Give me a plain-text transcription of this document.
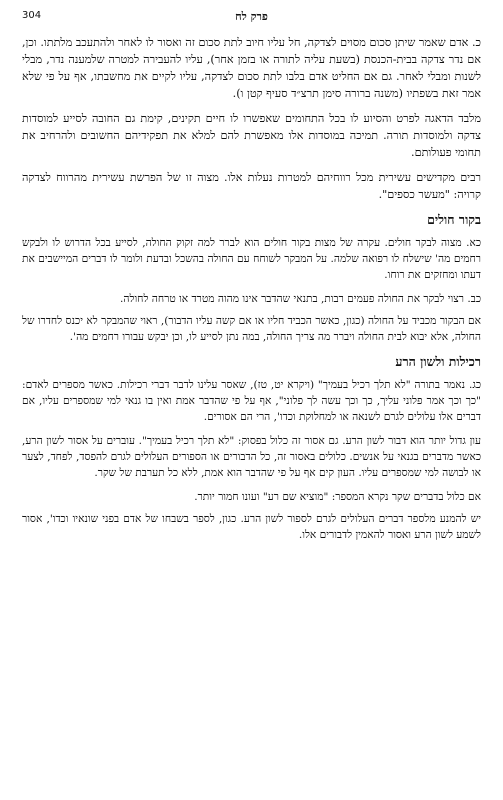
304	פרק לח

כ. אדם שאמר שיתן סכום מסוים לצדקה, חל עליו חיוב לתת סכום זה ואסור לו לאחר ולהתעכב מלתתו. וכן, אם נדר צדקה בבית-הכנסת (בשעת עליה לתורה או בזמן אחר), עליו להעבירה למטרה שלמענה נדר, מבלי לשנות ומבלי לאחר. גם אם החליט אדם בלבו לתת סכום לצדקה, עליו לקיים את מחשבתו, אף על פי שלא אמר זאת בשפתיו (משנה ברורה סימן תרצ״ד סעיף קטן ו).

מלבד הדאגה לפרט והסיוע לו בכל התחומים שאפשרו לו חיים תקינים, קימת גם החובה לסייע למוסדות צדקה ולמוסדות תורה. תמיכה במוסדות אלו מאפשרת להם למלא את תפקידיהם החשובים ולהרחיב את תחומי פעולותם.

רבים מקדישים עשירית מכל רווחיהם למטרות נעלות אלו. מצוה זו של הפרשת עשירית מהרווח לצדקה קרויה: "מעשר כספים".

בקור חולים

כא. מצוה לבקר חולים. עקרה של מצות בקור חולים הוא לברר למה זקוק החולה, לסייע בכל הדרוש לו ולבקש רחמים מה' שישלח לו רפואה שלמה. על המבקר לשוחח עם החולה בהשכל ובדעת ולומר לו דברים המיישבים את דעתו ומחזקים את רוחו.

כב. רצוי לבקר את החולה פעמים רבות, בתנאי שהדבר אינו מהוה מטרד או טרחה לחולה.

אם הבקור מכביד על החולה (כגון, כאשר הכביד חליו או אם קשה עליו הדבור), ראוי שהמבקר לא יכנס לחדרו של החולה, אלא יבוא לבית החולה ויברר מה צריך החולה, במה נתן לסייע לו, וכן יבקש עבורו רחמים מה'.

רכילות ולשון הרע

כג. נאמר בתורה "לא תלך רכיל בעמיך" (ויקרא יט, טז), שאסר עלינו לדבר דברי רכילות. כאשר מספרים לאדם: "כך וכך אמר פלוני עליך, כך וכך עשה לך פלוני", אף על פי שהדבר אמת ואין בו גנאי למי שמספרים עליו, אם דברים אלו עלולים לגרם לשנאה או למחלוקת וכדו', הרי הם אסורים.

עון גדול יותר הוא דבור לשון הרע. גם אסור זה כלול בפסוק: "לא תלך רכיל בעמיך". עוברים על אסור לשון הרע, כאשר מדברים בגנאי על אנשים. כלולים באסור זה, כל הדבורים או הספורים העלולים לגרם להפסד, לפחד, לצער או לבושה למי שמספרים עליו. העון קים אף על פי שהדבר הוא אמת, ללא כל תערבת של שקר.

אם כלול בדברים שקר נקרא המספר: "מוציא שם רע" ועונו חמור יותר.

יש להמנע מלספר דברים העלולים לגרם לספור לשון הרע. כגון, לספר בשבחו של אדם בפני שונאיו וכדו', אסור לשמע לשון הרע ואסור להאמין לדבורים אלו.
